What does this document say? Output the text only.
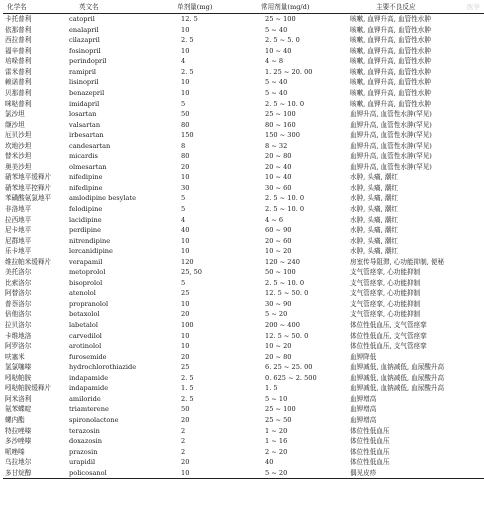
医学
化学名	英文名	单剂量(mg)	常用剂量(mg/d)	主要不良反应
卡托普利	catopril	12. 5	25 ~ 100	咳嗽, 血钾升高, 血管性水肿
依那普利	enalapril	10	5 ~ 40	咳嗽, 血钾升高, 血管性水肿
西拉普利	cilazapril	2. 5	2. 5 ~ 5. 0	咳嗽, 血钾升高, 血管性水肿
福辛普利	fosinopril	10	10 ~ 40	咳嗽, 血钾升高, 血管性水肿
培哚普利	perindopril	4	4 ~ 8	咳嗽, 血钾升高, 血管性水肿
雷米普利	ramipril	2. 5	1. 25 ~ 20. 00	咳嗽, 血钾升高, 血管性水肿
赖诺普利	lisinopril	10	5 ~ 40	咳嗽, 血钾升高, 血管性水肿
贝那普利	benazepril	10	5 ~ 40	咳嗽, 血钾升高, 血管性水肿
咪哒普利	imidapril	5	2. 5 ~ 10. 0	咳嗽, 血钾升高, 血管性水肿
氯沙坦	losartan	50	25 ~ 100	血钾升高, 血管性水肿(罕见)
缬沙坦	valsartan	80	80 ~ 160	血钾升高, 血管性水肿(罕见)
厄贝沙坦	irbesartan	150	150 ~ 300	血钾升高, 血管性水肿(罕见)
坎地沙坦	candesartan	8	8 ~ 32	血钾升高, 血管性水肿(罕见)
替米沙坦	micardis	80	20 ~ 80	血钾升高, 血管性水肿(罕见)
奥美沙坦	olmesartan	20	20 ~ 40	血钾升高, 血管性水肿(罕见)
硝苯地平缓释片	nifedipine	10	10 ~ 40	水肿, 头痛, 潮红
硝苯地平控释片	nifedipine	30	30 ~ 60	水肿, 头痛, 潮红
苯磺酸氨氯地平	amlodipine besylate	5	2. 5 ~ 10. 0	水肿, 头痛, 潮红
非洛地平	felodipine	5	2. 5 ~ 10. 0	水肿, 头痛, 潮红
拉西地平	lacidipine	4	4 ~ 6	水肿, 头痛, 潮红
尼卡地平	perdipine	40	60 ~ 90	水肿, 头痛, 潮红
尼群地平	nitrendipine	10	20 ~ 60	水肿, 头痛, 潮红
乐卡地平	lercanidipine	10	10 ~ 20	水肿, 头痛, 潮红
维拉帕米缓释片	verapamil	120	120 ~ 240	房室传导阻滞, 心功能抑制, 便秘
美托洛尔	metoprolol	25, 50	50 ~ 100	支气管痉挛, 心功能抑制
比索洛尔	bisoprolol	5	2. 5 ~ 10. 0	支气管痉挛, 心功能抑制
阿替洛尔	atenolol	25	12. 5 ~ 50. 0	支气管痉挛, 心功能抑制
普萘洛尔	propranolol	10	30 ~ 90	支气管痉挛, 心功能抑制
倍他洛尔	betaxolol	20	5 ~ 20	支气管痉挛, 心功能抑制
拉贝洛尔	labetalol	100	200 ~ 400	体位性低血压, 支气管痉挛
卡维地洛	carvedilol	10	12. 5 ~ 50. 0	体位性低血压, 支气管痉挛
阿罗洛尔	arotinolol	10	10 ~ 20	体位性低血压, 支气管痉挛
呋塞米	furosemide	20	20 ~ 80	血钾降低
氢氯噻嗪	hydrochlorothiazide	25	6. 25 ~ 25. 00	血钾减低, 血钠减低, 血尿酸升高
吲哒帕胺	indapamide	2. 5	0. 625 ~ 2. 500	血钾减低, 血钠减低, 血尿酸升高
吲哒帕胺缓释片	indapamide	1. 5	1. 5	血钾减低, 血钠减低, 血尿酸升高
阿米洛利	amiloride	2. 5	5 ~ 10	血钾增高
氨苯蝶啶	triamterene	50	25 ~ 100	血钾增高
螺内酯	spironolactone	20	25 ~ 50	血钾增高
特拉唑嗪	terazosin	2	1 ~ 20	体位性低血压
多沙唑嗪	doxazosin	2	1 ~ 16	体位性低血压
哌唑嗪	prazosin	2	2 ~ 20	体位性低血压
乌拉地尔	urapidil	20	40	体位性低血压
多甘烷醇	policosanol	10	5 ~ 20	偶见皮疹
